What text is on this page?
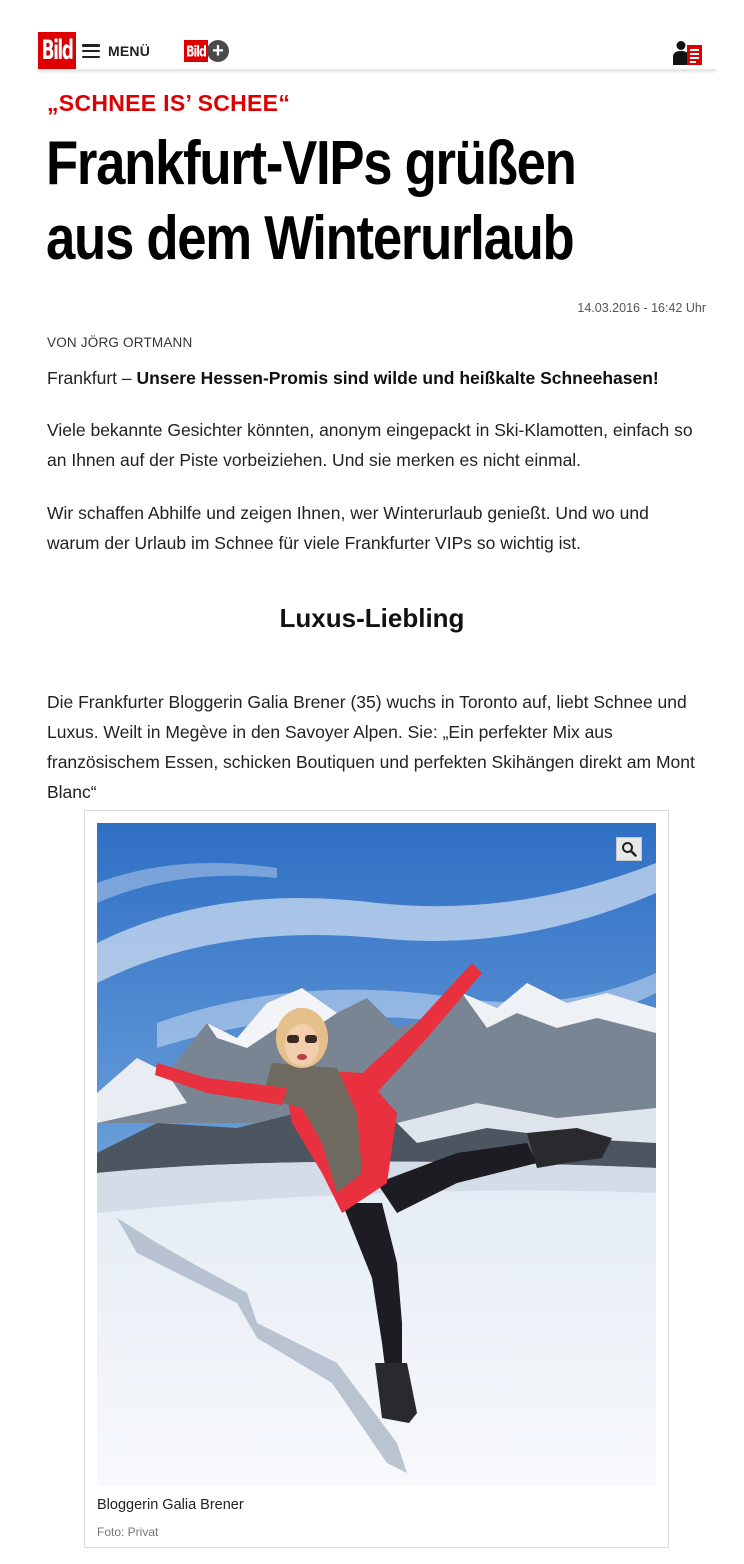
Bild	MENÜ	Bild +
„SCHNEE IS’ SCHEE“
Frankfurt-VIPs grüßen
aus dem Winterurlaub
14.03.2016 - 16:42 Uhr
VON JÖRG ORTMANN
Frankfurt – Unsere Hessen-Promis sind wilde und heißkalte Schneehasen!

Viele bekannte Gesichter könnten, anonym eingepackt in Ski-Klamotten, einfach so an Ihnen auf der Piste vorbeiziehen. Und sie merken es nicht einmal.

Wir schaffen Abhilfe und zeigen Ihnen, wer Winterurlaub genießt. Und wo und warum der Urlaub im Schnee für viele Frankfurter VIPs so wichtig ist.

Luxus-Liebling

Die Frankfurter Bloggerin Galia Brener (35) wuchs in Toronto auf, liebt Schnee und Luxus. Weilt in Megève in den Savoyer Alpen. Sie: „Ein perfekter Mix aus französischem Essen, schicken Boutiquen und perfekten Skihängen direkt am Mont Blanc“

Bloggerin Galia Brener
Foto: Privat
